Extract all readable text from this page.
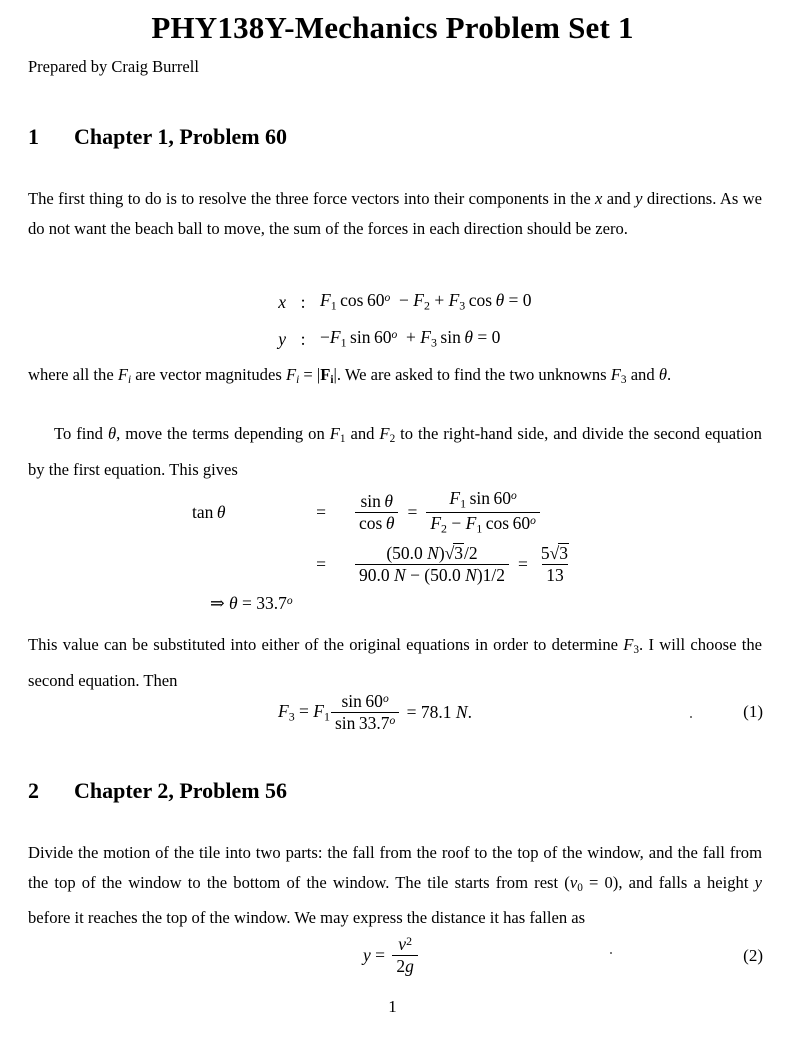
PHY138Y-Mechanics Problem Set 1
Prepared by Craig Burrell
1 Chapter 1, Problem 60
The first thing to do is to resolve the three force vectors into their components in the x and y directions. As we do not want the beach ball to move, the sum of the forces in each direction should be zero.
x : $F_1$ $\cos 60^o - F_2 + F_3$ cos θ = 0
y : $-F_1$ $\sin 60^o + F_3$ sin θ = 0
where all the $F_i$ are vector magnitudes $F_i = |F_i|$. We are asked to find the two unknowns $F_3$ and θ.
To find θ, move the terms depending on $F_1$ and $F_2$ to the right-hand side, and divide the second equation by the first equation. This gives
tan θ	=	$\frac{\text{sin θ}}{\text{cos θ}} = \frac{F_1 \sin 60^o}{F_2 - F_1 \cos 60^o}$
=	$\frac{(50.0 N)√3/2}{90.0 N - (50.0 N)1/2} = \frac{5√3}{13}$
⇒ $\theta = 33.7^o$
This value can be substituted into either of the original equations in order to determine $F_3$. I will choose the second equation. Then
$F_3 = F_1 \frac{\sin 60^o}{\sin 33.7^o} = 78.1$ N.	(1)
2 Chapter 2, Problem 56
Divide the motion of the tile into two parts: the fall from the roof to the top of the window, and the fall from the top of the window to the bottom of the window. The tile starts from rest $(v_0 = 0)$, and falls a height y before it reaches the top of the window. We may express the distance it has fallen as
$y = \frac{v^2}{2g}$	(2)
1
